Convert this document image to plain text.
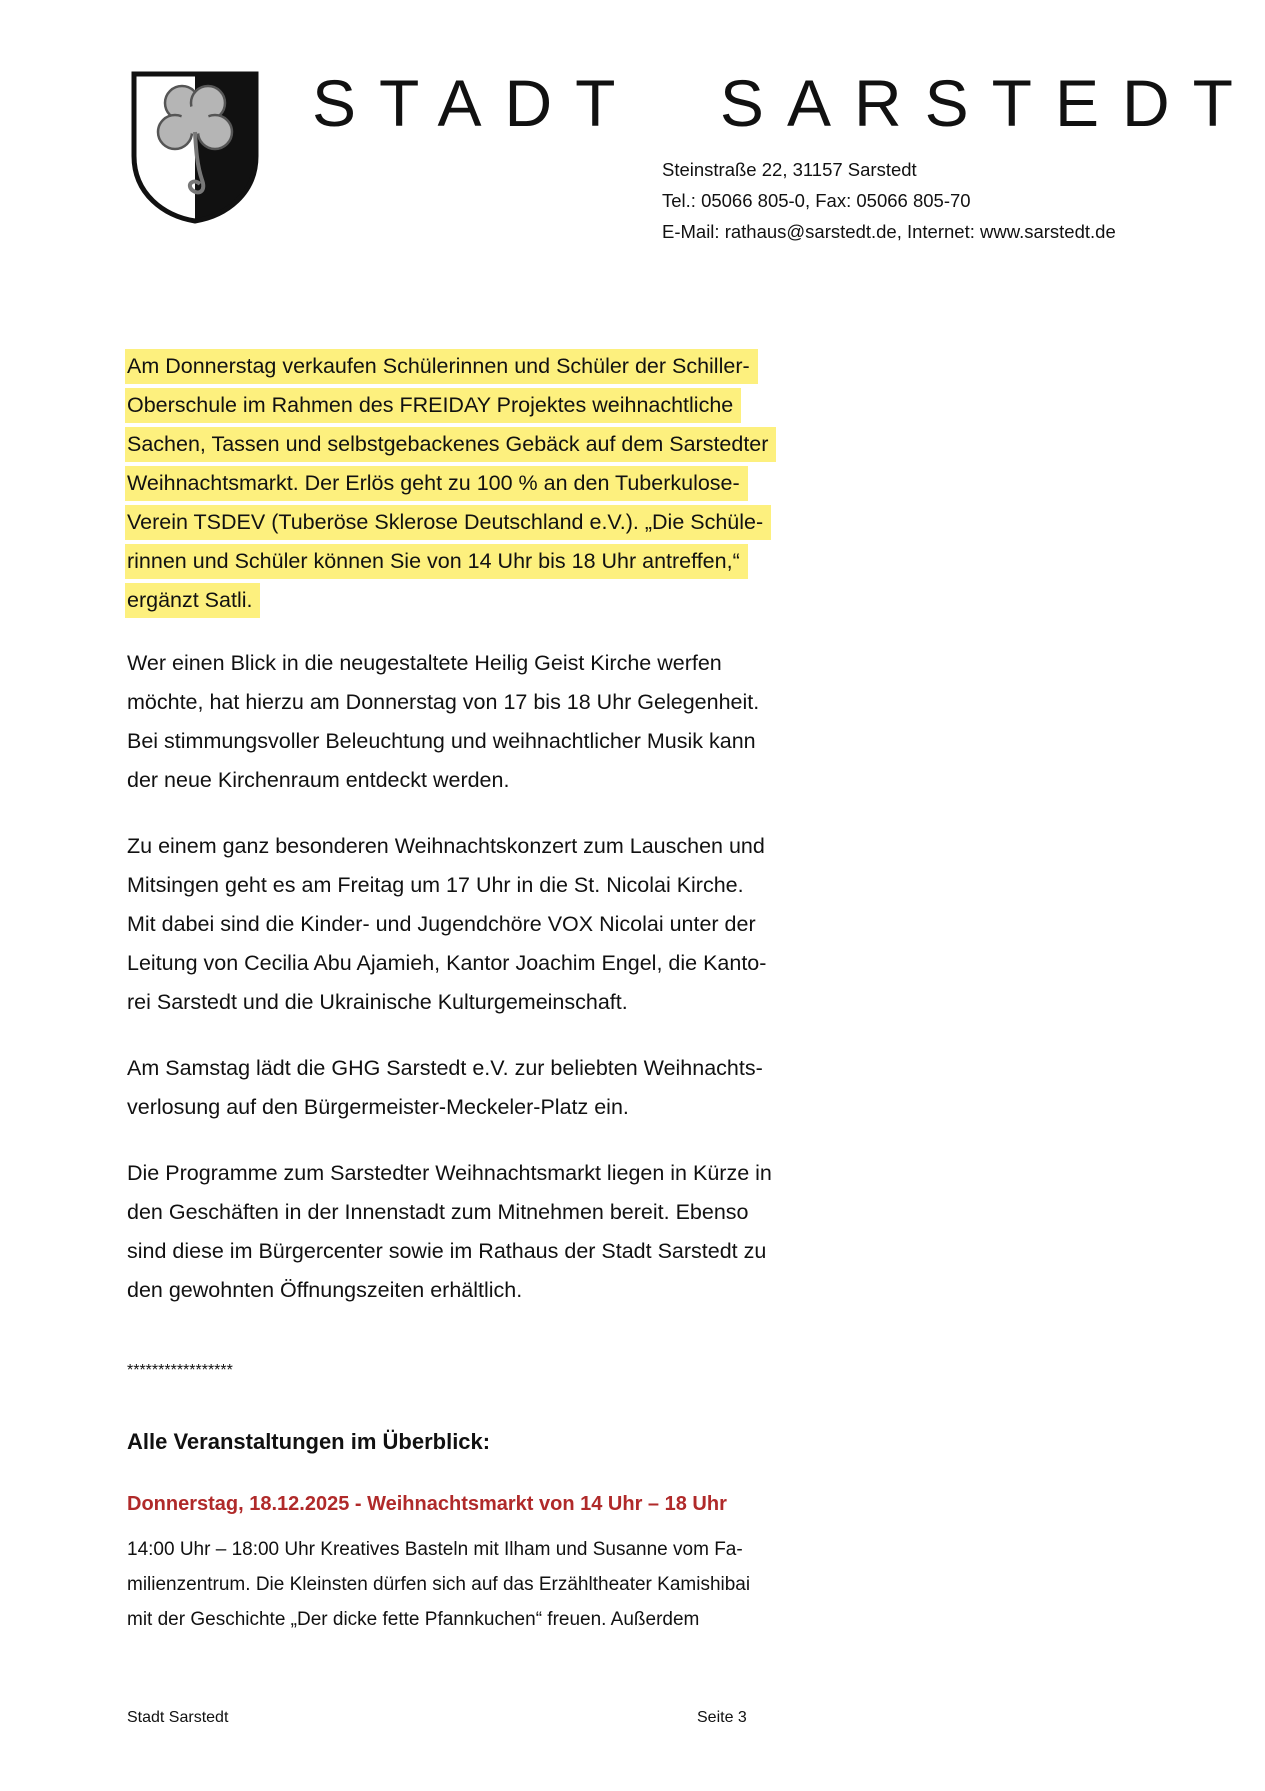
STADT  SARSTEDT
Steinstraße 22, 31157 Sarstedt
Tel.: 05066 805-0, Fax: 05066 805-70
E-Mail: rathaus@sarstedt.de, Internet: www.sarstedt.de
Am Donnerstag verkaufen Schülerinnen und Schüler der Schiller-
Oberschule im Rahmen des FREIDAY Projektes weihnachtliche
Sachen, Tassen und selbstgebackenes Gebäck auf dem Sarstedter
Weihnachtsmarkt. Der Erlös geht zu 100 % an den Tuberkulose-
Verein TSDEV (Tuberöse Sklerose Deutschland e.V.). „Die Schüle-
rinnen und Schüler können Sie von 14 Uhr bis 18 Uhr antreffen,“
ergänzt Satli.
Wer einen Blick in die neugestaltete Heilig Geist Kirche werfen
möchte, hat hierzu am Donnerstag von 17 bis 18 Uhr Gelegenheit.
Bei stimmungsvoller Beleuchtung und weihnachtlicher Musik kann
der neue Kirchenraum entdeckt werden.
Zu einem ganz besonderen Weihnachtskonzert zum Lauschen und
Mitsingen geht es am Freitag um 17 Uhr in die St. Nicolai Kirche.
Mit dabei sind die Kinder- und Jugendchöre VOX Nicolai unter der
Leitung von Cecilia Abu Ajamieh, Kantor Joachim Engel, die Kanto-
rei Sarstedt und die Ukrainische Kulturgemeinschaft.
Am Samstag lädt die GHG Sarstedt e.V. zur beliebten Weihnachts-
verlosung auf den Bürgermeister-Meckeler-Platz ein.
Die Programme zum Sarstedter Weihnachtsmarkt liegen in Kürze in
den Geschäften in der Innenstadt zum Mitnehmen bereit. Ebenso
sind diese im Bürgercenter sowie im Rathaus der Stadt Sarstedt zu
den gewohnten Öffnungszeiten erhältlich.
*****************
Alle Veranstaltungen im Überblick:
Donnerstag, 18.12.2025 - Weihnachtsmarkt von 14 Uhr – 18 Uhr
14:00 Uhr – 18:00 Uhr Kreatives Basteln mit Ilham und Susanne vom Fa-
milienzentrum. Die Kleinsten dürfen sich auf das Erzähltheater Kamishibai
mit der Geschichte „Der dicke fette Pfannkuchen“ freuen. Außerdem
Stadt Sarstedt	Seite 3
